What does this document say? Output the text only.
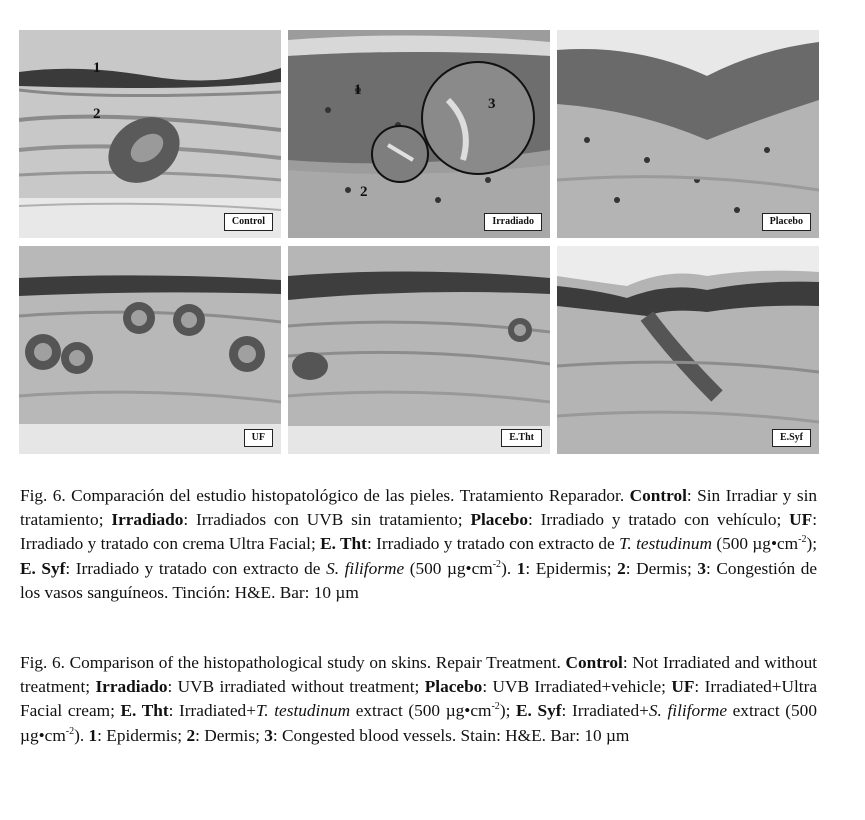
1
2
Control
1
2
3
Irradiado	Placebo
UF	E.Tht	E.Syf
Fig. 6. Comparación del estudio histopatológico de las pieles. Tratamiento Reparador. Control: Sin Irradiar y sin tratamiento; Irradiado: Irradiados con UVB sin tratamiento; Placebo: Irradiado y tratado con vehículo; UF: Irradiado y tratado con crema Ultra Facial; E. Tht: Irradiado y tratado con extracto de T. testudinum (500 $\mu g•cm^{-2}$); E. Syf: Irradiado y tratado con extracto de S. filiforme (500 $\mu g•cm^{-2}$). 1: Epidermis; 2: Dermis; 3: Congestión de los vasos sanguíneos. Tinción: H&E. Bar: 10 µm
Fig. 6. Comparison of the histopathological study on skins. Repair Treatment. Control: Not Irradiated and without treatment; Irradiado: UVB irradiated without treatment; Placebo: UVB Irradiated+vehicle; UF: Irradiated+Ultra Facial cream; E. Tht: Irradiated+T. testudinum extract (500 $\mu g•cm^{-2}$); E. Syf: Irradiated+S. filiforme extract (500 $\mu g•cm^{-2}$). 1: Epidermis; 2: Dermis; 3: Congested blood vessels. Stain: H&E. Bar: 10 µm
